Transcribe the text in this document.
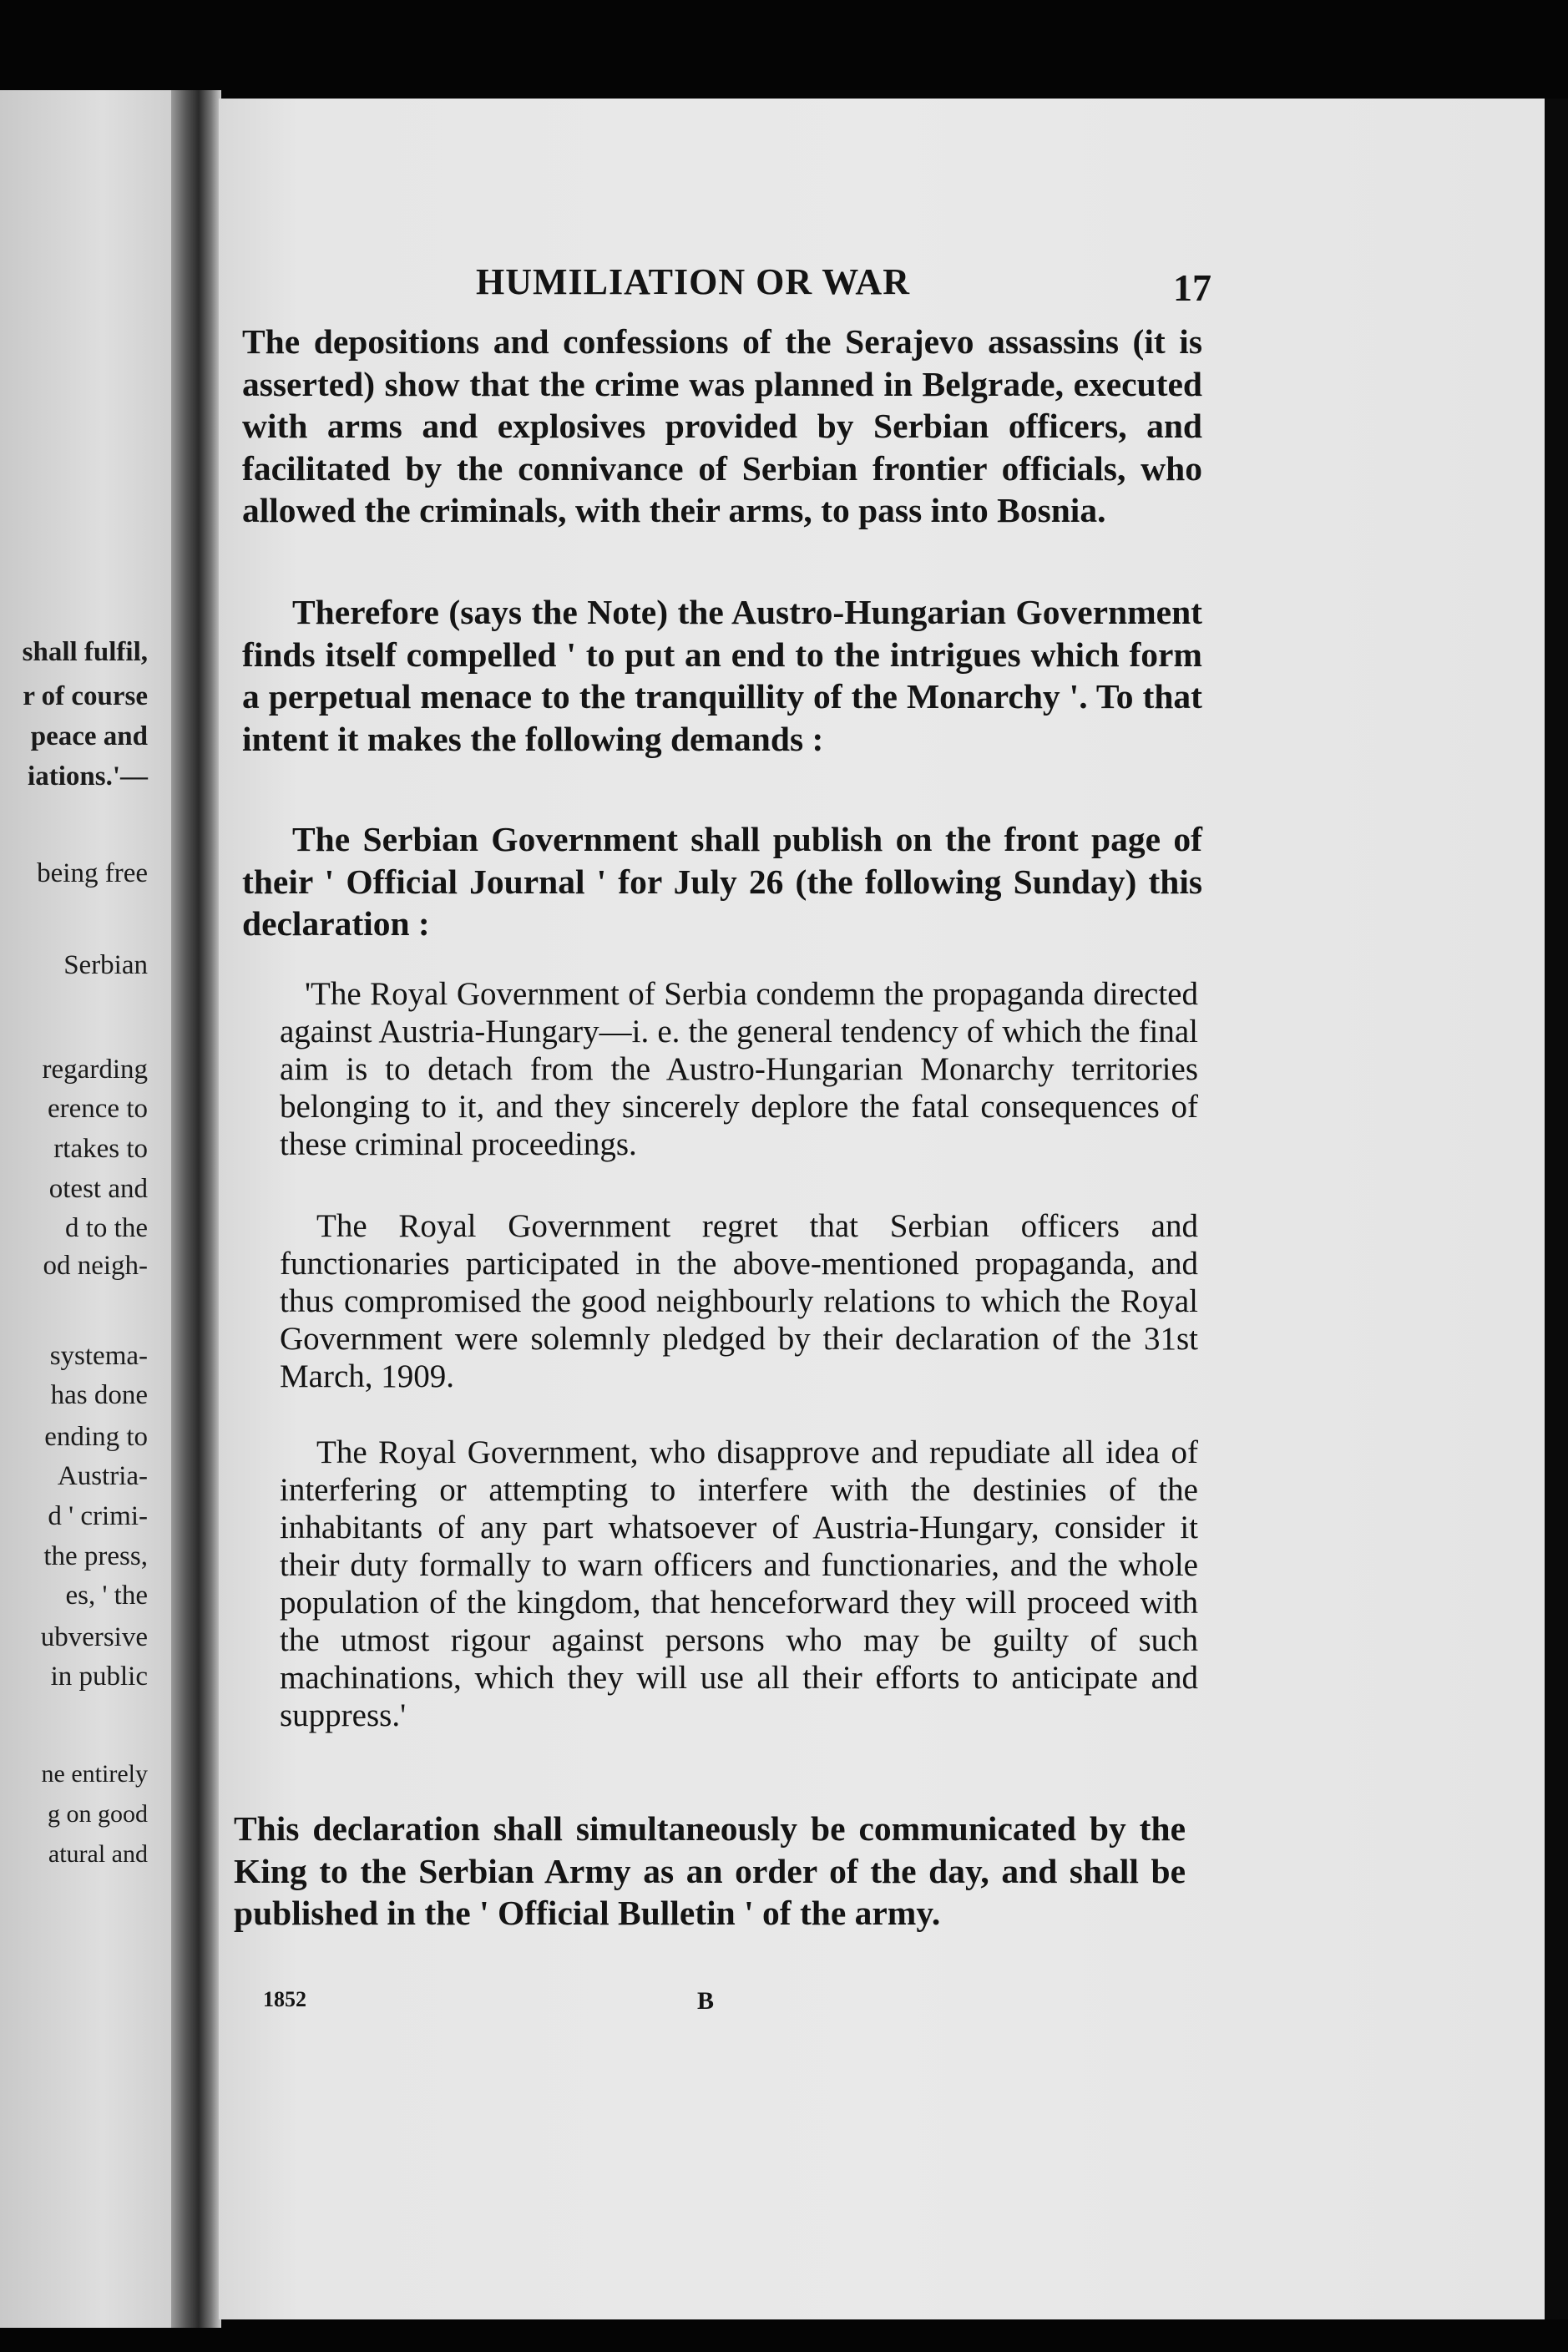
shall fulfil,
r of course
peace and
iations.'—
being free
Serbian
regarding
erence to
rtakes to
otest and
d to the
od neigh-
systema-
has done
ending to
Austria-
d ' crimi-
the press,
es, ' the
ubversive
in public
ne entirely
g on good
atural and
HUMILIATION OR WAR	17
The depositions and confessions of the Serajevo assassins (it is asserted) show that the crime was planned in Belgrade, executed with arms and explosives provided by Serbian officers, and facilitated by the connivance of Serbian frontier officials, who allowed the criminals, with their arms, to pass into Bosnia.
Therefore (says the Note) the Austro-Hungarian Government finds itself compelled ' to put an end to the intrigues which form a perpetual menace to the tranquillity of the Monarchy '. To that intent it makes the following demands :
The Serbian Government shall publish on the front page of their ' Official Journal ' for July 26 (the following Sunday) this declaration :
'The Royal Government of Serbia condemn the propaganda directed against Austria-Hungary—i. e. the general tendency of which the final aim is to detach from the Austro-Hungarian Monarchy territories belonging to it, and they sincerely deplore the fatal consequences of these criminal proceedings.
The Royal Government regret that Serbian officers and functionaries participated in the above-mentioned propaganda, and thus compromised the good neighbourly relations to which the Royal Government were solemnly pledged by their declaration of the 31st March, 1909.
The Royal Government, who disapprove and repudiate all idea of interfering or attempting to interfere with the destinies of the inhabitants of any part whatsoever of Austria-Hungary, consider it their duty formally to warn officers and functionaries, and the whole population of the kingdom, that henceforward they will proceed with the utmost rigour against persons who may be guilty of such machinations, which they will use all their efforts to anticipate and suppress.'
This declaration shall simultaneously be communicated by the King to the Serbian Army as an order of the day, and shall be published in the ' Official Bulletin ' of the army.
1852	B
